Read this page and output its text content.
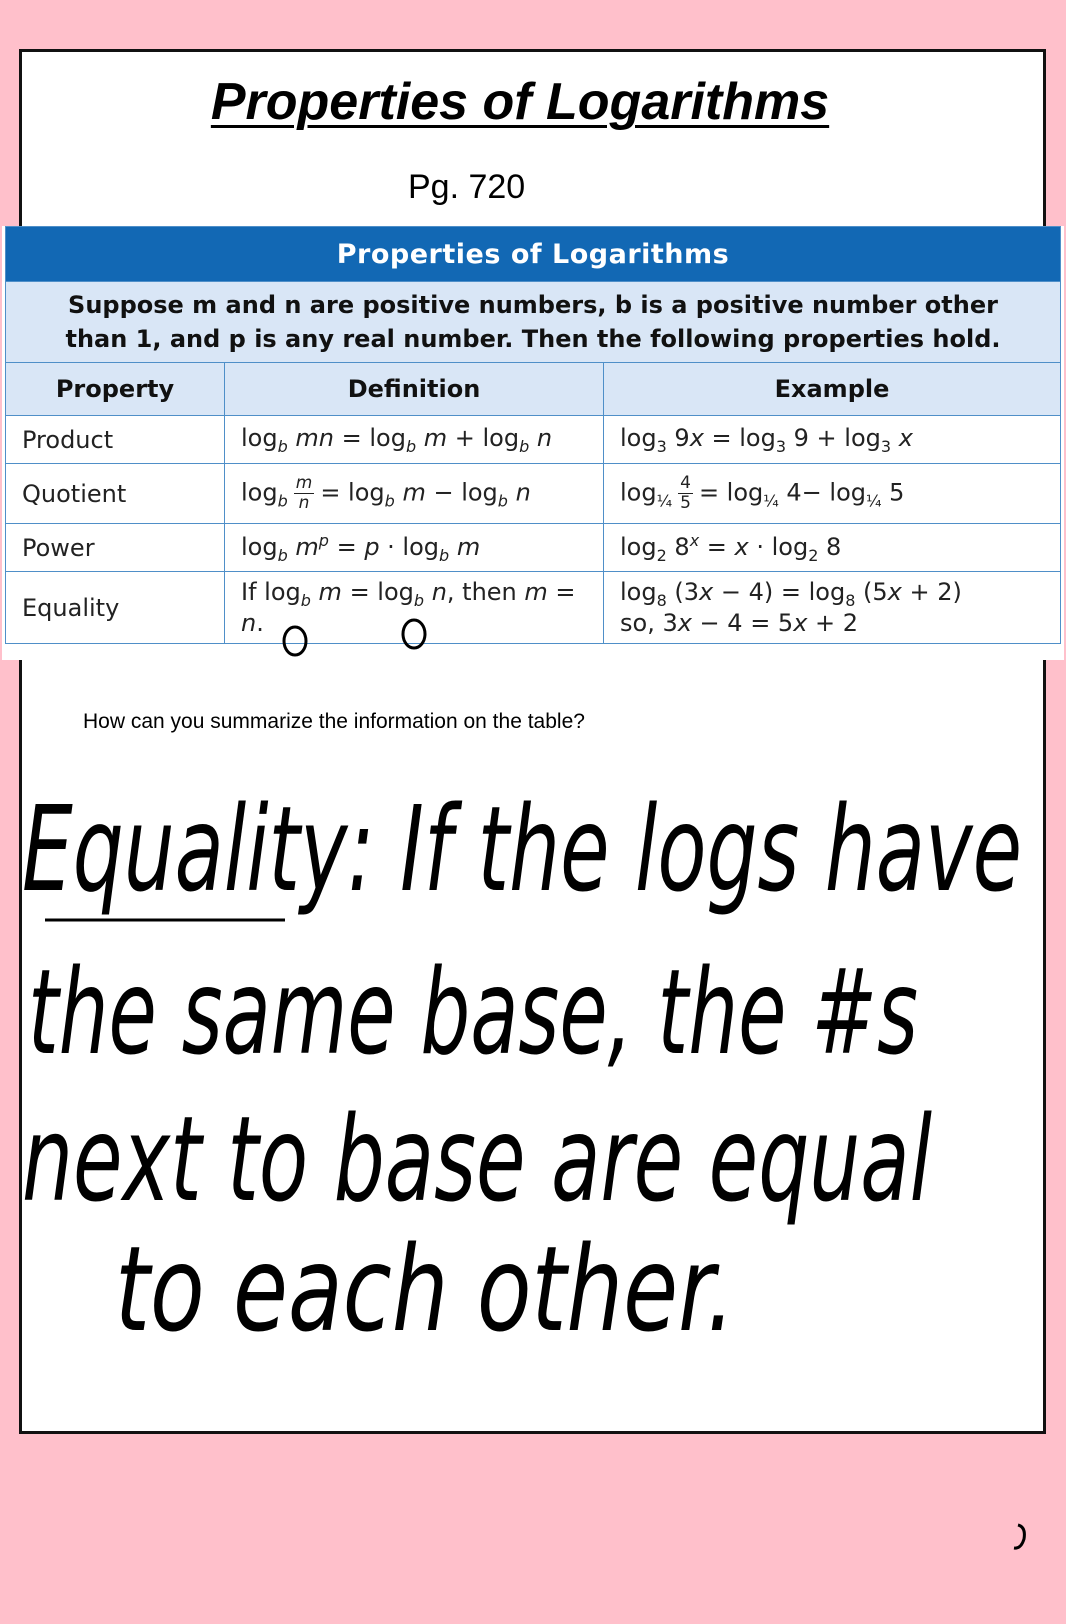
Properties of Logarithms
Pg. 720
Properties of Logarithms		

Suppose m and n are positive numbers, b is a positive number other
than 1, and p is any real number. Then the following properties hold.		

Property	Definition	Example
Product	$\log_b$ mn = $\log_b m + \log_b n$	$\log_3 9x = \log_3 9 + \log_3 x$
Quotient	$\log_b \frac{m}{n} = \log_b m - \log_b n$	$\log_{\frac{1}{4}} \frac{4}{5} = \log_{\frac{1}{4}} 4- \log_{\frac{1}{4}} 5$
Power	$\log_b m^p = p \cdot \log_b m$	$\log_2 8^x = x \cdot \log_2 8$
Equality	If $\log_b m = \log_b n$, then m = n.	$\log_8 (3x - 4) = \log_8 (5x + 2)$
so, 3x − 4 = 5x + 2
How can you summarize the information on the table?
Equality: If the logs have
the same base, the #s
next to base are equal
to each other.
